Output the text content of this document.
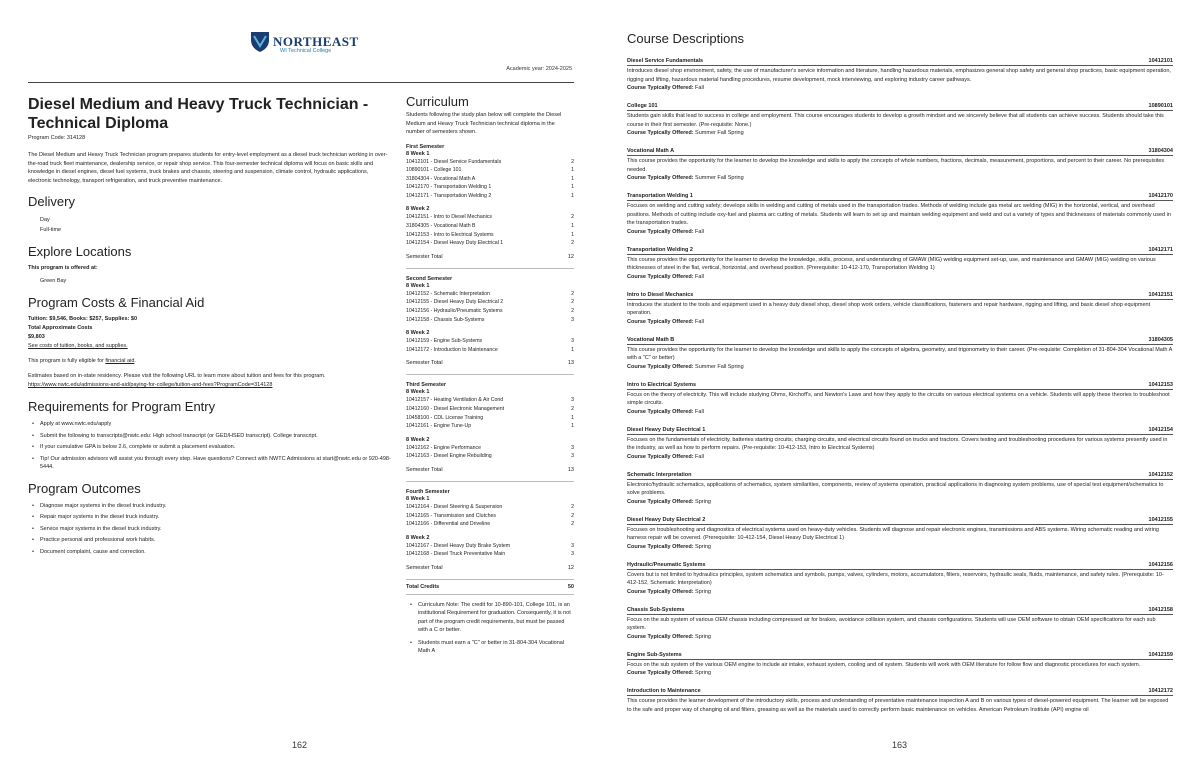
NORTHEAST
WI Technical College
Academic year: 2024-2025
Diesel Medium and Heavy Truck Technician - Technical Diploma
Program Code: 314128
The Diesel Medium and Heavy Truck Technician program prepares students for entry-level employment as a diesel truck technician working in over-the-road truck fleet maintenance, dealership service, or repair shop service. This four-semester technical diploma will focus on basic skills and knowledge in diesel engines, diesel fuel systems, truck brakes and chassis, steering and suspension, climate control, hydraulic applications, electronic technology, transport refrigeration, and truck preventive maintenance.
Delivery
Day
Full-time
Explore Locations
This program is offered at:
Green Bay
Program Costs & Financial Aid
Tuition: $9,546, Books: $257, Supplies: $0
Total Approximate Costs
$9,803
See costs of tuition, books, and supplies.
This program is fully eligible for financial aid.
Estimates based on in-state residency. Please visit the following URL to learn more about tuition and fees for this program.
https://www.nwtc.edu/admissions-and-aid/paying-for-college/tuition-and-fees?ProgramCode=314128
Requirements for Program Entry
• Apply at www.nwtc.edu/apply
• Submit the following to transcripts@nwtc.edu: High school transcript (or GED/HSED transcript). College transcript.
• If your cumulative GPA is below 2.6, complete or submit a placement evaluation.
• Tip! Our admission advisors will assist you through every step. Have questions? Connect with NWTC Admissions at start@nwtc.edu or 920-498-5444.
Program Outcomes
• Diagnose major systems in the diesel truck industry.
• Repair major systems in the diesel truck industry.
• Service major systems in the diesel truck industry.
• Practice personal and professional work habits.
• Document complaint, cause and correction.
Curriculum
Students following the study plan below will complete the Diesel Medium and Heavy Truck Technician technical diploma in the number of semesters shown.
First Semester
8 Week 1
10412101 - Diesel Service Fundamentals	2
10890101 - College 101	1
31804304 - Vocational Math A	1
10412170 - Transportation Welding 1	1
10412171 - Transportation Welding 2	1
8 Week 2
10412151 - Intro to Diesel Mechanics	2
31804305 - Vocational Math B	1
10412153 - Intro to Electrical Systems	1
10412154 - Diesel Heavy Duty Electrical 1	2
Semester Total	12
Second Semester
8 Week 1
10412152 - Schematic Interpretation	2
10412155 - Diesel Heavy Duty Electrical 2	2
10412156 - Hydraulic/Pneumatic Systems	2
10412158 - Chassis Sub-Systems	3
8 Week 2
10412159 - Engine Sub-Systems	3
10412172 - Introduction to Maintenance	1
Semester Total	13
Third Semester
8 Week 1
10412157 - Heating Ventilation & Air Cond	3
10412160 - Diesel Electronic Management	2
10458100 - CDL License Training	1
10412161 - Engine Tune-Up	1
8 Week 2
10412162 - Engine Performance	3
10412163 - Diesel Engine Rebuilding	3
Semester Total	13
Fourth Semester
8 Week 1
10412164 - Diesel Steering & Suspension	2
10412165 - Transmission and Clutches	2
10412166 - Differential and Driveline	2
8 Week 2
10412167 - Diesel Heavy Duty Brake System	3
10412168 - Diesel Truck Preventative Main	3
Semester Total	12
Total Credits	50
• Curriculum Note: The credit for 10-890-101, College 101, is an institutional Requirement for graduation. Consequently, it is not part of the program credit requirements, but must be passed with a C or better.
• Students must earn a "C" or better in 31-804-304 Vocational Math A
162
Course Descriptions
Diesel Service Fundamentals	10412101
Introduces diesel shop environment, safety, the use of manufacturer's service information and literature, handling hazardous materials, emphasizes general shop safety and general shop practices, basic equipment operation, rigging and lifting, hazardous material handling procedures, resume development, mock interviewing, and exploring industry career pathways.
Course Typically Offered: Fall
College 101	10890101
Students gain skills that lead to success in college and employment. This course encourages students to develop a growth mindset and we sincerely believe that all students can achieve success. Students should take this course in their first semester. (Pre-requisite: None.)
Course Typically Offered: Summer Fall Spring
Vocational Math A	31804304
This course provides the opportunity for the learner to develop the knowledge and skills to apply the concepts of whole numbers, fractions, decimals, measurement, proportions, and percent to their career. No prerequisites needed.
Course Typically Offered: Summer Fall Spring
Transportation Welding 1	10412170
Focuses on welding and cutting safety; develops skills in welding and cutting of metals used in the transportation trades. Methods of welding include gas metal arc welding (MIG) in the horizontal, vertical, and overhead positions. Methods of cutting include oxy-fuel and plasma arc cutting of metals. Students will learn to set up and maintain welding equipment and weld and cut a variety of types and thicknesses of materials commonly used in the transportation trades.
Course Typically Offered: Fall
Transportation Welding 2	10412171
This course provides the opportunity for the learner to develop the knowledge, skills, process, and understanding of GMAW (MIG) welding equipment set-up, use, and maintenance and GMAW (MIG) welding on various thicknesses of steel in the flat, vertical, horizontal, and overhead position. (Prerequisite: 10-412-170, Transportation Welding 1)
Course Typically Offered: Fall
Intro to Diesel Mechanics	10412151
Introduces the student to the tools and equipment used in a heavy duty diesel shop, diesel shop work orders, vehicle classifications, fasteners and repair hardware, rigging and lifting, and basic diesel shop equipment operation.
Course Typically Offered: Fall
Vocational Math B	31804305
This course provides the opportunity for the learner to develop the knowledge and skills to apply the concepts of algebra, geometry, and trigonometry to their career. (Pre-requisite: Completion of 31-804-304 Vocational Math A with a "C" or better)
Course Typically Offered: Summer Fall Spring
Intro to Electrical Systems	10412153
Focus on the theory of electricity. This will include studying Ohms, Kirchoff's, and Newton's Laws and how they apply to the circuits on various electrical systems on a vehicle. Students will apply these theories to troubleshoot simple circuits.
Course Typically Offered: Fall
Diesel Heavy Duty Electrical 1	10412154
Focuses on the fundamentals of electricity, batteries starting circuits, charging circuits, and electrical circuits found on trucks and tractors. Covers testing and troubleshooting procedures for various systems presently used in the industry, as well as how to perform repairs. (Pre-requisite: 10-412-153, Intro to Electrical Systems)
Course Typically Offered: Fall
Schematic Interpretation	10412152
Electronic/hydraulic schematics, applications of schematics, system similarities, components, review of systems operation, practical applications in diagnosing system problems, use of special test equipment/schematics to solve problems.
Course Typically Offered: Spring
Diesel Heavy Duty Electrical 2	10412155
Focuses on troubleshooting and diagnostics of electrical systems used on heavy-duty vehicles. Students will diagnose and repair electronic engines, transmissions and ABS systems. Wiring schematic reading and wiring harness repair will be covered. (Prerequisite: 10-412-154, Diesel Heavy Duty Electrical 1)
Course Typically Offered: Spring
Hydraulic/Pneumatic Systems	10412156
Covers but is not limited to hydraulics principles, system schematics and symbols, pumps, valves, cylinders, motors, accumulators, filters, reservoirs, hydraulic seals, fluids, maintenance, and safety rules. (Prerequisite: 10-412-152, Schematic Interpretation)
Course Typically Offered: Spring
Chassis Sub-Systems	10412158
Focus on the sub system of various OEM chassis including compressed air for brakes, avoidance collision system, and chassis configurations. Students will use OEM software to obtain OEM specifications for each sub system.
Course Typically Offered: Spring
Engine Sub-Systems	10412159
Focus on the sub system of the various OEM engine to include air intake, exhaust system, cooling and oil system. Students will work with OEM literature for follow flow and diagnostic procedures for each system.
Course Typically Offered: Spring
Introduction to Maintenance	10412172
This course provides the learner development of the introductory skills, process and understanding of preventative maintenance inspection A and B on various types of diesel-powered equipment. The learner will be exposed to the safe and proper way of changing oil and filters, greasing as well as the materials used to correctly perform basic maintenance on vehicles. American Petroleum Institute (API) engine oil
163
